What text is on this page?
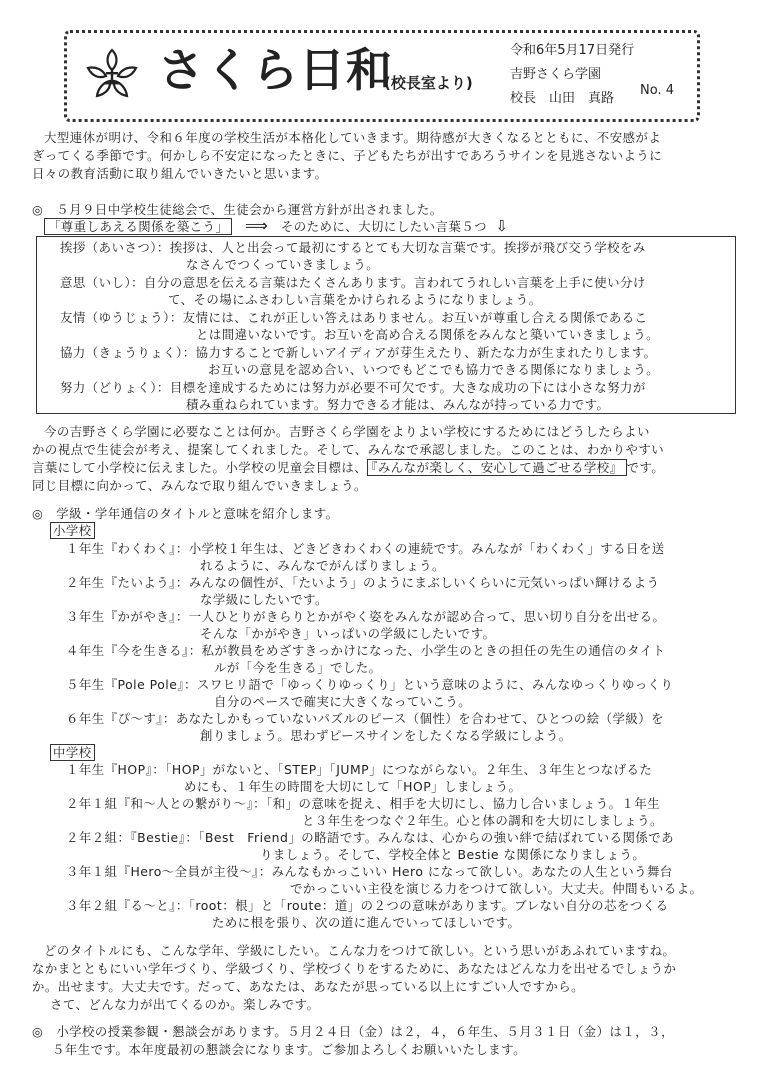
さくら日和
(校長室より)
令和6年5月17日発行
吉野さくら学園
校長　山田　真路
No. 4
大型連休が明け、令和６年度の学校生活が本格化していきます。期待感が大きくなるとともに、不安感がよ
ぎってくる季節です。何かしら不安定になったときに、子どもたちが出すであろうサインを見逃さないように
日々の教育活動に取り組んでいきたいと思います。
◎　５月９日中学校生徒総会で、生徒会から運営方針が出されました。
「尊重しあえる関係を築こう」 ⟹ そのために、大切にしたい言葉５つ ⇩
挨拶（あいさつ）：挨拶は、人と出会って最初にするとても大切な言葉です。挨拶が飛び交う学校をみ
なさんでつくっていきましょう。
意思（いし）：自分の意思を伝える言葉はたくさんあります。言われてうれしい言葉を上手に使い分け
て、その場にふさわしい言葉をかけられるようになりましょう。
友情（ゆうじょう）：友情には、これが正しい答えはありません。お互いが尊重し合える関係であるこ
とは間違いないです。お互いを高め合える関係をみんなと築いていきましょう。
協力（きょうりょく）：協力することで新しいアイディアが芽生えたり、新たな力が生まれたりします。
お互いの意見を認め合い、いつでもどこでも協力できる関係になりましょう。
努力（どりょく）：目標を達成するためには努力が必要不可欠です。大きな成功の下には小さな努力が
積み重ねられています。努力できる才能は、みんなが持っている力です。
今の吉野さくら学園に必要なことは何か。吉野さくら学園をよりよい学校にするためにはどうしたらよい
かの視点で生徒会が考え、提案してくれました。そして、みんなで承認しました。このことは、わかりやすい
言葉にして小学校に伝えました。小学校の児童会目標は、 『みんなが楽しく、安心して過ごせる学校』 です。
同じ目標に向かって、みんなで取り組んでいきましょう。
◎　学級・学年通信のタイトルと意味を紹介します。
小学校
１年生『わくわく』：小学校１年生は、どきどきわくわくの連続です。みんなが「わくわく」する日を送
れるように、みんなでがんばりましょう。
２年生『たいよう』：みんなの個性が、「たいよう」のようにまぶしいくらいに元気いっぱい輝けるよう
な学級にしたいです。
３年生『かがやき』：一人ひとりがきらりとかがやく姿をみんなが認め合って、思い切り自分を出せる。
そんな「かがやき」いっぱいの学級にしたいです。
４年生『今を生きる』：私が教員をめざすきっかけになった、小学生のときの担任の先生の通信のタイト
ルが「今を生きる」でした。
５年生『Pole Pole』：スワヒリ語で「ゆっくりゆっくり」という意味のように、みんなゆっくりゆっくり
自分のペースで確実に大きくなっていこう。
６年生『ぴ～す』：あなたしかもっていないパズルのピース（個性）を合わせて、ひとつの絵（学級）を
創りましょう。思わずピースサインをしたくなる学級にしよう。
中学校
１年生『HOP』：「HOP」がないと、「STEP」「JUMP」につながらない。２年生、３年生とつなげるた
めにも、１年生の時間を大切にして「HOP」しましょう。
２年１組『和～人との繋がり～』：「和」の意味を捉え、相手を大切にし、協力し合いましょう。１年生
と３年生をつなぐ２年生。心と体の調和を大切にしましょう。
２年２組：『Bestie』：「Best　Friend」の略語です。みんなは、心からの強い絆で結ばれている関係であ
りましょう。そして、学校全体と Bestie な関係になりましょう。
３年１組『Hero～全員が主役～』：みんなもかっこいい Hero になって欲しい。あなたの人生という舞台
でかっこいい主役を演じる力をつけて欲しい。大丈夫。仲間もいるよ。
３年２組『る～と』：「root：根」と「route：道」の２つの意味があります。ブレない自分の芯をつくる
ために根を張り、次の道に進んでいってほしいです。
どのタイトルにも、こんな学年、学級にしたい。こんな力をつけて欲しい。という思いがあふれていますね。
なかまとともにいい学年づくり、学級づくり、学校づくりをするために、あなたはどんな力を出せるでしょうか
か。出せます。大丈夫です。だって、あなたは、あなたが思っている以上にすごい人ですから。
さて、どんな力が出てくるのか。楽しみです。
◎　小学校の授業参観・懇談会があります。５月２４日（金）は２，４，６年生、５月３１日（金）は１，３，
５年生です。本年度最初の懇談会になります。ご参加よろしくお願いいたします。
